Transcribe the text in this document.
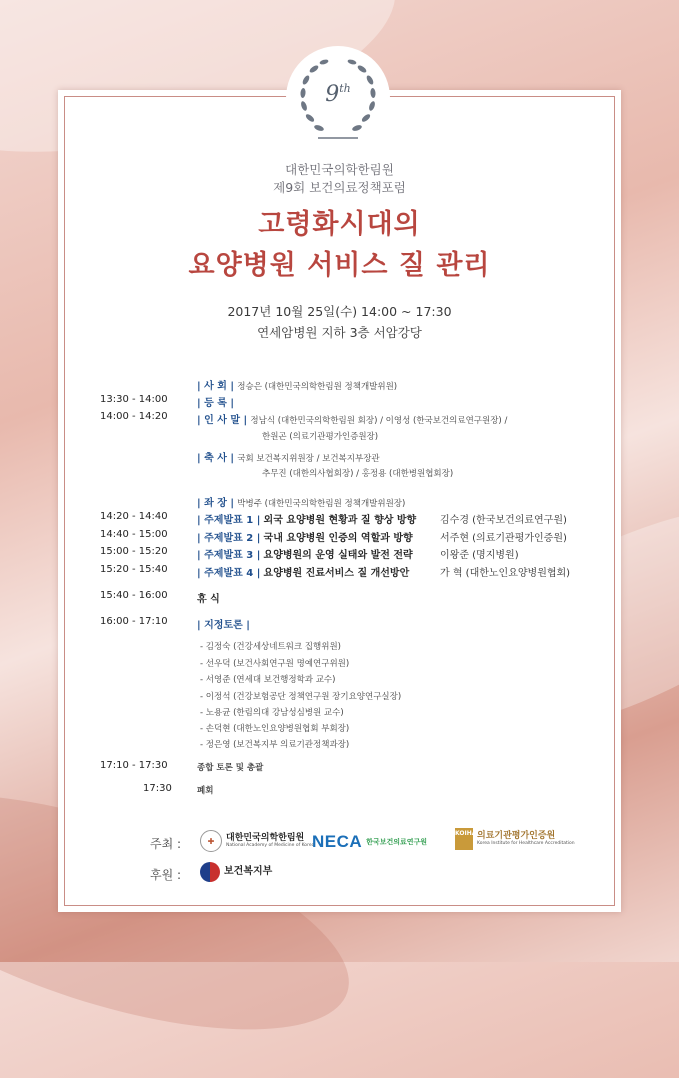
9th
대한민국의학한림원
제9회 보건의료정책포럼
고령화시대의
요양병원 서비스 질 관리
2017년 10월 25일(수) 14:00 ~ 17:30
연세암병원 지하 3층 서암강당
| 사 회 | 정승은 (대한민국의학한림원 정책개발위원)
13:30 - 14:00	| 등 록 |
14:00 - 14:20	| 인 사 말 | 정남식 (대한민국의학한림원 회장) / 이영성 (한국보건의료연구원장) /
한원곤 (의료기관평가인증원장)
| 축 사 | 국회 보건복지위원장 / 보건복지부장관
추무진 (대한의사협회장) / 홍정용 (대한병원협회장)
| 좌 장 | 박병주 (대한민국의학한림원 정책개발위원장)
14:20 - 14:40	| 주제발표 1 | 외국 요양병원 현황과 질 향상 방향 김수경 (한국보건의료연구원)
14:40 - 15:00	| 주제발표 2 | 국내 요양병원 인증의 역할과 방향	서주현 (의료기관평가인증원)
15:00 - 15:20	| 주제발표 3 | 요양병원의 운영 실태와 발전 전략	이왕준 (명지병원)
15:20 - 15:40	| 주제발표 4 | 요양병원 진료서비스 질 개선방안	가 혁 (대한노인요양병원협회)
15:40 - 16:00	휴 식
16:00 - 17:10	| 지정토론 |
- 김정숙 (건강세상네트워크 집행위원)
- 선우덕 (보건사회연구원 명예연구위원)
- 서영준 (연세대 보건행정학과 교수)
- 이정석 (건강보험공단 정책연구원 장기요양연구실장)
- 노용균 (한림의대 강남성심병원 교수)
- 손덕현 (대한노인요양병원협회 부회장)
- 정은영 (보건복지부 의료기관정책과장)
17:10 - 17:30	종합 토론 및 총괄
17:30	폐회
주최 :	✚	대한민국의학한림원
National Academy of Medicine of Korea
NECA 한국보건의료연구원
KOIHA 의료기관평가인증원
Korea Institute for Healthcare Accreditation
후원 :	보건복지부
